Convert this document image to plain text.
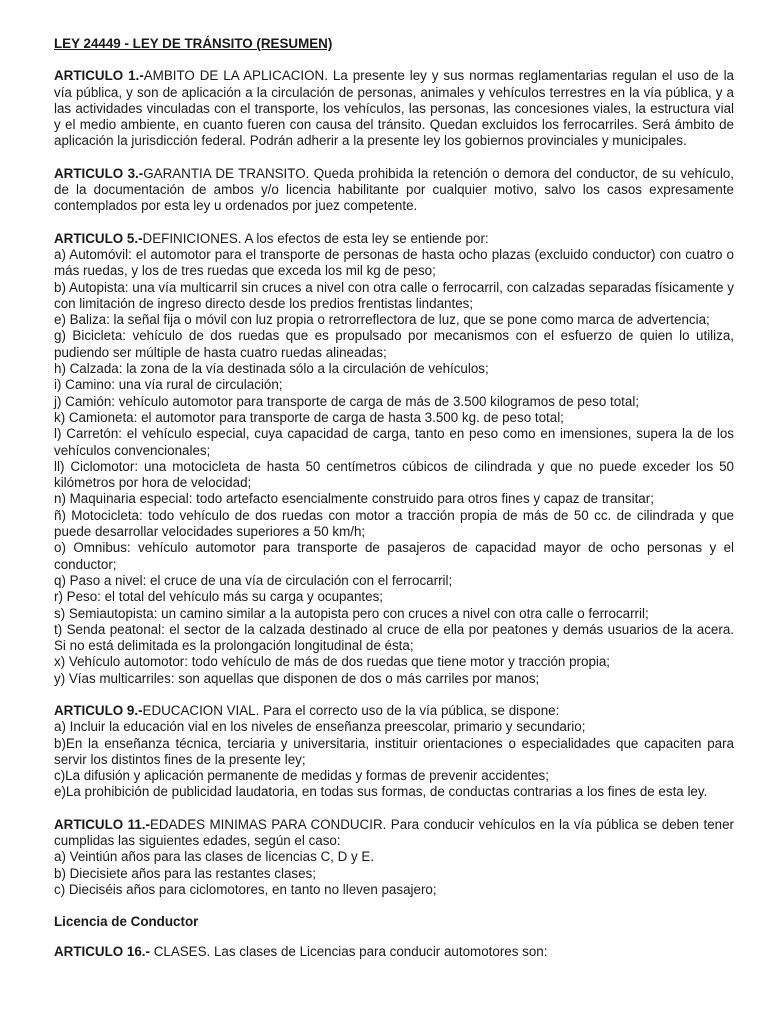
LEY 24449 - LEY DE TRÁNSITO (RESUMEN)

ARTICULO 1.-AMBITO DE LA APLICACION. La presente ley y sus normas reglamentarias regulan el uso de la vía pública, y son de aplicación a la circulación de personas, animales y vehículos terrestres en la vía pública, y a las actividades vinculadas con el transporte, los vehículos, las personas, las concesiones viales, la estructura vial y el medio ambiente, en cuanto fueren con causa del tránsito. Quedan excluidos los ferrocarriles. Será ámbito de aplicación la jurisdicción federal. Podrán adherir a la presente ley los gobiernos provinciales y municipales.

ARTICULO 3.-GARANTIA DE TRANSITO. Queda prohibida la retención o demora del conductor, de su vehículo, de la documentación de ambos y/o licencia habilitante por cualquier motivo, salvo los casos expresamente contemplados por esta ley u ordenados por juez competente.

ARTICULO 5.-DEFINICIONES. A los efectos de esta ley se entiende por:

a) Automóvil: el automotor para el transporte de personas de hasta ocho plazas (excluido conductor) con cuatro o más ruedas, y los de tres ruedas que exceda los mil kg de peso;

b) Autopista: una vía multicarril sin cruces a nivel con otra calle o ferrocarril, con calzadas separadas físicamente y con limitación de ingreso directo desde los predios frentistas lindantes;

e) Baliza: la señal fija o móvil con luz propia o retrorreflectora de luz, que se pone como marca de advertencia;

g) Bicicleta: vehículo de dos ruedas que es propulsado por mecanismos con el esfuerzo de quien lo utiliza, pudiendo ser múltiple de hasta cuatro ruedas alineadas;

h) Calzada: la zona de la vía destinada sólo a la circulación de vehículos;

i) Camino: una vía rural de circulación;

j) Camión: vehículo automotor para transporte de carga de más de 3.500 kilogramos de peso total;

k) Camioneta: el automotor para transporte de carga de hasta 3.500 kg. de peso total;

l) Carretón: el vehículo especial, cuya capacidad de carga, tanto en peso como en imensiones, supera la de los vehículos convencionales;

ll) Ciclomotor: una motocicleta de hasta 50 centímetros cúbicos de cilindrada y que no puede exceder los 50 kilómetros por hora de velocidad;

n) Maquinaria especial: todo artefacto esencialmente construido para otros fines y capaz de transitar;

ñ) Motocicleta: todo vehículo de dos ruedas con motor a tracción propia de más de 50 cc. de cilindrada y que puede desarrollar velocidades superiores a 50 km/h;

o) Omnibus: vehículo automotor para transporte de pasajeros de capacidad mayor de ocho personas y el conductor;

q) Paso a nivel: el cruce de una vía de circulación con el ferrocarril;

r) Peso: el total del vehículo más su carga y ocupantes;

s) Semiautopista: un camino similar a la autopista pero con cruces a nivel con otra calle o ferrocarril;

t) Senda peatonal: el sector de la calzada destinado al cruce de ella por peatones y demás usuarios de la acera. Si no está delimitada es la prolongación longitudinal de ésta;

x) Vehículo automotor: todo vehículo de más de dos ruedas que tiene motor y tracción propia;

y) Vías multicarriles: son aquellas que disponen de dos o más carriles por manos;

ARTICULO 9.-EDUCACION VIAL. Para el correcto uso de la vía pública, se dispone:

a) Incluir la educación vial en los niveles de enseñanza preescolar, primario y secundario;

b)En la enseñanza técnica, terciaria y universitaria, instituir orientaciones o especialidades que capaciten para servir los distintos fines de la presente ley;

c)La difusión y aplicación permanente de medidas y formas de prevenir accidentes;

e)La prohibición de publicidad laudatoria, en todas sus formas, de conductas contrarias a los fines de esta ley.

ARTICULO 11.-EDADES MINIMAS PARA CONDUCIR. Para conducir vehículos en la vía pública se deben tener cumplidas las siguientes edades, según el caso:

a) Veintiún años para las clases de licencias C, D y E.

b) Diecisiete años para las restantes clases;

c) Dieciséis años para ciclomotores, en tanto no lleven pasajero;

Licencia de Conductor

ARTICULO 16.- CLASES. Las clases de Licencias para conducir automotores son:
